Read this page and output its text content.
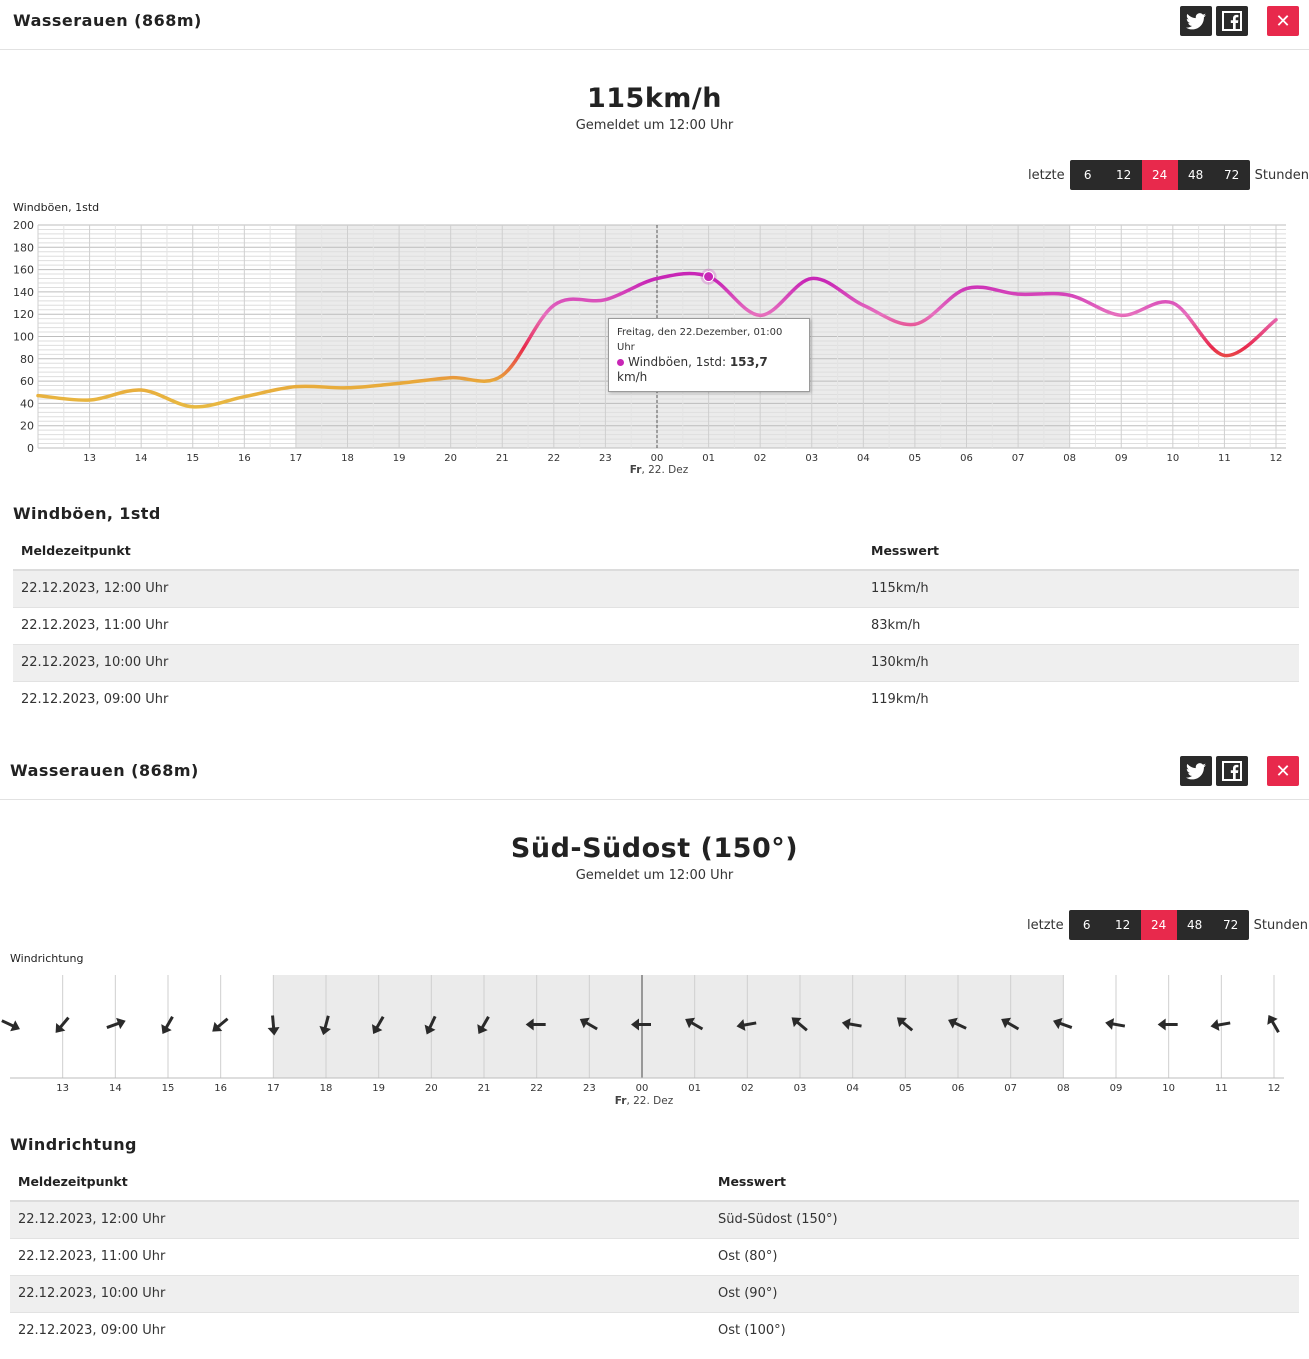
Wasserauen (868m)	✕
115km/h
Gemeldet um 12:00 Uhr
letzte	6	12	24	48	72	Stunden
Windböen, 1std
0
20
40
60
80
100
120
140
160
180
200
13	14	15	16	17	18	19	20	21	22	23	00	01	02	03	04	05	06	07	08	09	10	11	12
Fr, 22. Dez
Freitag, den 22.Dezember, 01:00 Uhr
Windböen, 1std: 153,7 km/h
Windböen, 1std
Meldezeitpunkt	Messwert
22.12.2023, 12:00 Uhr	115km/h
22.12.2023, 11:00 Uhr	83km/h
22.12.2023, 10:00 Uhr	130km/h
22.12.2023, 09:00 Uhr	119km/h
Wasserauen (868m)	✕
Süd-Südost (150°)
Gemeldet um 12:00 Uhr
letzte	6	12	24	48	72	Stunden
Windrichtung
13	14	15	16	17	18	19	20	21	22	23	00	01	02	03	04	05	06	07	08	09	10	11	12
Fr, 22. Dez
Windrichtung
Meldezeitpunkt	Messwert
22.12.2023, 12:00 Uhr	Süd-Südost (150°)
22.12.2023, 11:00 Uhr	Ost (80°)
22.12.2023, 10:00 Uhr	Ost (90°)
22.12.2023, 09:00 Uhr	Ost (100°)
